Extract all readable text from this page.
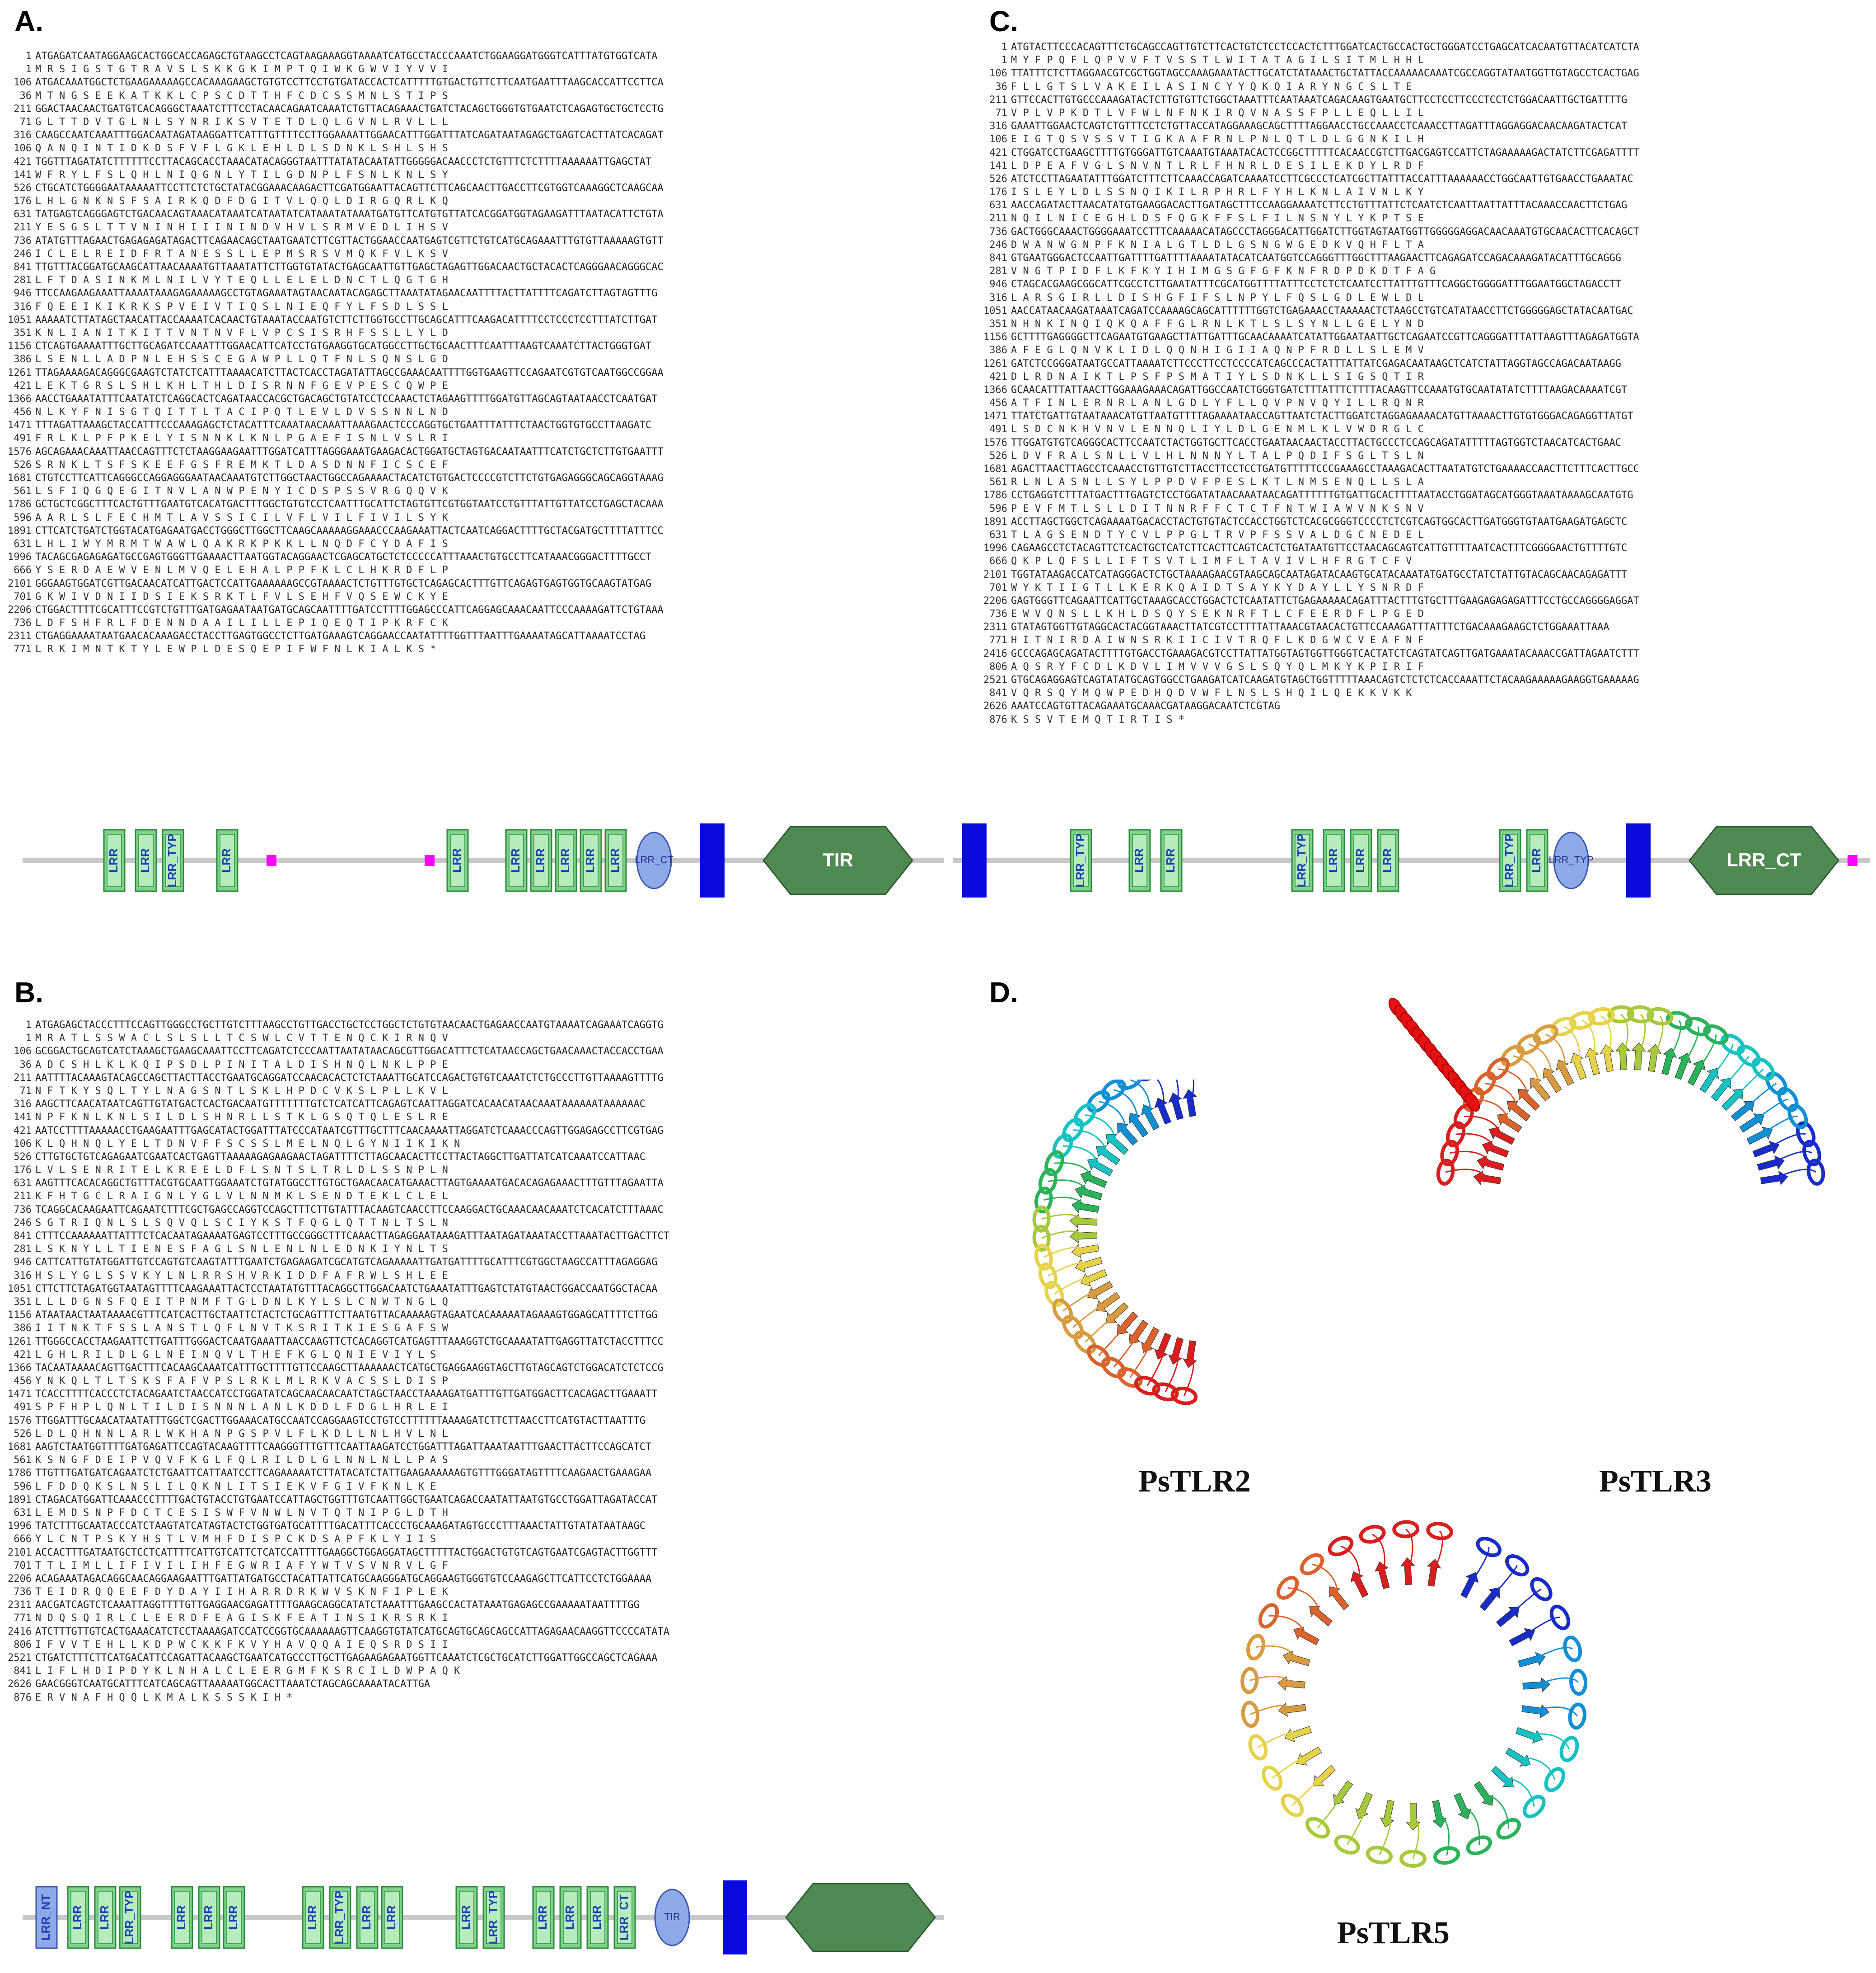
A.
1 ATGAGATCAATAGGAAGCACTGGCACCAGAGCTGTAAGCCTCAGTAAGAAAGGTAAAATCATGCCTACCCAAATCTGGAAGGATGGGTCATTTATGTGGTCATA
1 M R S I G S T G T R A V S L S K K G K I M P T Q I W K G W V I Y V V I
106 ATGACAAATGGCTCTGAAGAAAAAGCCACAAAGAAGCTGTGTCCTTCCTGTGATACCACTCATTTTTGTGACTGTTCTTCAATGAATTTAAGCACCATTCCTTCA
36 M T N G S E E K A T K K L C P S C D T T H F C D C S S M N L S T I P S
211 GGACTAACAACTGATGTCACAGGGCTAAATCTTTCCTACAACAGAATCAAATCTGTTACAGAAACTGATCTACAGCTGGGTGTGAATCTCAGAGTGCTGCTCCTG
71 G L T T D V T G L N L S Y N R I K S V T E T D L Q L G V N L R V L L L
316 CAAGCCAATCAAATTTGGACAATAGATAAGGATTCATTTGTTTTCCTTGGAAAATTGGAACATTTGGATTTATCAGATAATAGAGCTGAGTCACTTATCACAGAT
106 Q A N Q I N T I D K D S F V F L G K L E H L D L S D N K L S H L S H S
421 TGGTTTAGATATCTTTTTTCCTTACAGCACCTAAACATACAGGGTAATTTATATACAATATTGGGGGACAACCCTCTGTTTCTCTTTTAAAAAATTGAGCTAT
141 W F R Y L F S L Q H L N I Q G N L Y T I L G D N P L F S N L K N L S Y
526 CTGCATCTGGGGAATAAAAATTCCTTCTCTGCTATACGGAAACAAGACTTCGATGGAATTACAGTTCTTCAGCAACTTGACCTTCGTGGTCAAAGGCTCAAGCAA
176 L H L G N K N S F S A I R K Q D F D G I T V L Q Q L D I R G Q R L K Q
631 TATGAGTCAGGGAGTCTGACAACAGTAAACATAAATCATAATATCATAAATATAAATGATGTTCATGTGTTATCACGGATGGTAGAAGATTTAATACATTCTGTA
211 Y E S G S L T T V N I N H I I I N I N D V H V L S R M V E D L I H S V
736 ATATGTTTAGAACTGAGAGAGATAGACTTCAGAACAGCTAATGAATCTTCGTTACTGGAACCAATGAGTCGTTCTGTCATGCAGAAATTTGTGTTAAAAAGTGTT
246 I C L E L R E I D F R T A N E S S L L E P M S R S V M Q K F V L K S V
841 TTGTTTACGGATGCAAGCATTAACAAAATGTTAAATATTCTTGGTGTATACTGAGCAATTGTTGAGCTAGAGTTGGACAACTGCTACACTCAGGGAACAGGGCAC
281 L F T D A S I N K M L N I L V Y T E Q L L E L E L D N C T L Q G T G H
946 TTCCAAGAAGAAATTAAAATAAAGAGAAAAAGCCTGTAGAAATAGTAACAATACAGAGCTTAAATATAGAACAATTTTACTTATTTTCAGATCTTAGTAGTTTG
316 F Q E E I K I K R K S P V E I V T I Q S L N I E Q F Y L F S D L S S L
1051 AAAAATCTTATAGCTAACATTACCAAAATCACAACTGTAAATACCAATGTCTTCTTGGTGCCTTGCAGCATTTCAAGACATTTTCCTCCCTCCTTTATCTTGAT
351 K N L I A N I T K I T T V N T N V F L V P C S I S R H F S S L L Y L D
1156 CTCAGTGAAAATTTGCTTGCAGATCCAAATTTGGAACATTCATCCTGTGAAGGTGCATGGCCTTGCTGCAACTTTCAATTTAAGTCAAATCTTACTGGGTGAT
386 L S E N L L A D P N L E H S S C E G A W P L L Q T F N L S Q N S L G D
1261 TTAGAAAAGACAGGGCGAAGTCTATCTCATTTAAAACATCTTACTCACCTAGATATTAGCCGAAACAATTTTGGTGAAGTTCCAGAATCGTGTCAATGGCCGGAA
421 L E K T G R S L S H L K H L T H L D I S R N N F G E V P E S C Q W P E
1366 AACCTGAAATATTTCAATATCTCAGGCACTCAGATAACCACGCTGACAGCTGTATCCTCCAAACTCTAGAAGTTTTGGATGTTAGCAGTAATAACCTCAATGAT
456 N L K Y F N I S G T Q I T T L T A C I P Q T L E V L D V S S N N L N D
1471 TTTAGATTAAAGCTACCATTTCCCAAAGAGCTCTACATTTCAAATAACAAATTAAAGAACTCCCAGGTGCTGAATTTATTTCTAACTGGTGTGCCTTAAGATC
491 F R L K L P F P K E L Y I S N N K L K N L P G A E F I S N L V S L R I
1576 AGCAGAAACAAATTAACCAGTTTCTCTAAGGAAGAATTTGGATCATTTAGGGAAATGAAGACACTGGATGCTAGTGACAATAATTTCATCTGCTCTTGTGAATTT
526 S R N K L T S F S K E E F G S F R E M K T L D A S D N N F I C S C E F
1681 CTGTCCTTCATTCAGGGCCAGGAGGGAATAACAAATGTCTTGGCTAACTGGCCAGAAAACTACATCTGTGACTCCCCGTCTTCTGTGAGAGGGCAGCAGGTAAAG
561 L S F I Q G Q E G I T N V L A N W P E N Y I C D S P S S V R G Q Q V K
1786 GCTGCTCGGCTTTCACTGTTTGAATGTCACATGACTTTGGCTGTGTCCTCAATTTGCATTCTAGTGTTCGTGGTAATCCTGTTTATTGTTATCCTGAGCTACAAA
596 A A R L S L F E C H M T L A V S S I C I L V F L V I L F I V I L S Y K
1891 CTTCATCTGATCTGGTACATGAGAATGACCTGGGCTTGGCTTCAAGCAAAAAGGAAACCCAAGAAATTACTCAATCAGGACTTTTGCTACGATGCTTTTATTTCC
631 L H L I W Y M R M T W A W L Q A K R K P K K L L N Q D F C Y D A F I S
1996 TACAGCGAGAGAGATGCCGAGTGGGTTGAAAACTTAATGGTACAGGAACTCGAGCATGCTCTCCCCCATTTAAACTGTGCCTTCATAAACGGGACTTTTGCCT
666 Y S E R D A E W V E N L M V Q E L E H A L P P F K L C L H K R D F L P
2101 GGGAAGTGGATCGTTGACAACATCATTGACTCCATTGAAAAAAGCCGTAAAACTCTGTTTGTGCTCAGAGCACTTTGTTCAGAGTGAGTGGTGCAAGTATGAG
701 G K W I V D N I I D S I E K S R K T L F V L S E H F V Q S E W C K Y E
2206 CTGGACTTTTCGCATTTCCGTCTGTTTGATGAGAATAATGATGCAGCAATTTTGATCCTTTTGGAGCCCATTCAGGAGCAAACAATTCCCAAAAGATTCTGTAAA
736 L D F S H F R L F D E N N D A A I L I L L E P I Q E Q T I P K R F C K
2311 CTGAGGAAAATAATGAACACAAAGACCTACCTTGAGTGGCCTCTTGATGAAAGTCAGGAACCAATATTTTGGTTTAATTTGAAAATAGCATTAAAATCCTAG
771 L R K I M N T K T Y L E W P L D E S Q E P I F W F N L K I A L K S *
LRR LRR LRR_TYP	LRR	LRR	LRR LRR LRR LRR LRR LRR_CT	TIR
C.
1 ATGTACTTCCCACAGTTTCTGCAGCCAGTTGTCTTCACTGTCTCCTCCACTCTTTGGATCACTGCCACTGCTGGGATCCTGAGCATCACAATGTTACATCATCTA
1 M Y F P Q F L Q P V V F T V S S T L W I T A T A G I L S I T M L H H L
106 TTATTTCTCTTAGGAACGTCGCTGGTAGCCAAAGAAATACTTGCATCTATAAACTGCTATTACCAAAAACAAATCGCCAGGTATAATGGTTGTAGCCTCACTGAG
36 F L L G T S L V A K E I L A S I N C Y Y Q K Q I A R Y N G C S L T E
211 GTTCCACTTGTGCCCAAAGATACTCTTGTGTTCTGGCTAAATTTCAATAAATCAGACAAGTGAATGCTTCCTCCTTCCCTCCTCTGGACAATTGCTGATTTTG
71 V P L V P K D T L V F W L N F N K I R Q V N A S S F P L L E Q L L I L
316 GAAATTGGAACTCAGTCTGTTTCCTCTGTTACCATAGGAAAGCAGCTTTTAGGAACCTGCCAAACCTCAAACCTTAGATTTAGGAGGACAACAAGATACTCAT
106 E I G T Q S V S S V T I G K A A F R N L P N L Q T L D L G G N K I L H
421 CTGGATCCTGAAGCTTTTGTGGGATTGTCAAATGTAAATACACTCCGGCTTTTTCACAACCGTCTTGACGAGTCCATTCTAGAAAAAGACTATCTTCGAGATTTT
141 L D P E A F V G L S N V N T L R L F H N R L D E S I L E K D Y L R D F
526 ATCTCCTTAGAATATTTGGATCTTTCTTCAAACCAGATCAAAATCCTTCGCCCTCATCGCTTATTTACCATTTAAAAAACCTGGCAATTGTGAACCTGAAATAC
176 I S L E Y L D L S S N Q I K I L R P H R L F Y H L K N L A I V N L K Y
631 AACCAGATACTTAACATATGTGAAGGACACTTGATAGCTTTCCAAGGAAAATCTTCCTGTTTATTCTCAATCTCAATTAATTATTTACAAACCAACTTCTGAG
211 N Q I L N I C E G H L D S F Q G K F F S L F I L N S N Y L Y K P T S E
736 GACTGGGCAAACTGGGGAAATCCTTTCAAAAACATAGCCCTAGGGACATTGGATCTTGGTAGTAATGGTTGGGGGAGGACAACAAATGTGCAACACTTCACAGCT
246 D W A N W G N P F K N I A L G T L D L G S N G W G E D K V Q H F L T A
841 GTGAATGGGACTCCAATTGATTTTGATTTTAAAATATACATCAATGGTCCAGGGTTTGGCTTTAAGAACTTCAGAGATCCAGACAAAGATACATTTGCAGGG
281 V N G T P I D F L K F K Y I H I M G S G F G F K N F R D P D K D T F A G
946 CTAGCACGAAGCGGCATTCGCCTCTTGAATATTTCGCATGGTTTTATTTCCTCTCTCAATCCTTATTTGTTTCAGGCTGGGGATTTGGAATGGCTAGACCTT
316 L A R S G I R L L D I S H G F I F S L N P Y L F Q S L G D L E W L D L
1051 AACCATAACAAGATAAATCAGATCCAAAAGCAGCATTTTTTGGTCTGAGAAACCTAAAAACTCTAAGCCTGTCATATAACCTTCTGGGGGAGCTATACAATGAC
351 N H N K I N Q I Q K Q A F F G L R N L K T L S L S Y N L L G E L Y N D
1156 GCTTTTGAGGGGCTTCAGAATGTGAAGCTTATTGATTTGCAACAAAATCATATTGGAATAATTGCTCAGAATCCGTTCAGGGATTTATTAAGTTTAGAGATGGTA
386 A F E G L Q N V K L I D L Q Q N H I G I I A Q N P F R D L L S L E M V
1261 GATCTCCGGGATAATGCCATTAAAATCTTCCCTTCCTCCCCATCAGCCCACTATTTATTATCGAGACAATAAGCTCATCTATTAGGTAGCCAGACAATAAGG
421 D L R D N A I K T L P S F P S M A T I Y L S D N K L L S I G S Q T I R
1366 GCAACATTTATTAACTTGGAAAGAAACAGATTGGCCAATCTGGGTGATCTTTATTTCTTTTACAAGTTCCAAATGTGCAATATATCTTTTAAGACAAAATCGT
456 A T F I N L E R N R L A N L G D L Y F L L Q V P N V Q Y I L L R Q N R
1471 TTATCTGATTGTAATAAACATGTTAATGTTTTAGAAAATAACCAGTTAATCTACTTGGATCTAGGAGAAAACATGTTAAAACTTGTGTGGGACAGAGGTTATGT
491 L S D C N K H V N V L E N N Q L I Y L D L G E N M L K L V W D R G L C
1576 TTGGATGTGTCAGGGCACTTCCAATCTACTGGTGCTTCACCTGAATAACAACTACCTTACTGCCCTCCAGCAGATATTTTTAGTGGTCTAACATCACTGAAC
526 L D V F R A L S N L L V L H L N N N Y L T A L P Q D I F S G L T S L N
1681 AGACTTAACTTAGCCTCAAACCTGTTGTCTTACCTTCCTCCTGATGTTTTTCCCGAAAGCCTAAAGACACTTAATATGTCTGAAAACCAACTTCTTTCACTTGCC
561 R L N L A S N L L S Y L P P D V F P E S L K T L N M S E N Q L L S L A
1786 CCTGAGGTCTTTATGACTTTGAGTCTCCTGGATATAACAAATAACAGATTTTTTGTGATTGCACTTTTAATACCTGGATAGCATGGGTAAATAAAAGCAATGTG
596 P E V F M T L S L L D I T N N R F F C T C T F N T W I A W V N K S N V
1891 ACCTTAGCTGGCTCAGAAAATGACACCTACTGTGTACTCCACCTGGTCTCACGCGGGTCCCCTCTCGTCAGTGGCACTTGATGGGTGTAATGAAGATGAGCTC
631 T L A G S E N D T Y C V L P P G L T R V P F S S V A L D G C N E D E L
1996 CAGAAGCCTCTACAGTTCTCACTGCTCATCTTCACTTCAGTCACTCTGATAATGTTCCTAACAGCAGTCATTGTTTTAATCACTTTCGGGGAACTGTTTTGTC
666 Q K P L Q F S L L I F T S V T L I M F L T A V I V L H F R G T C F V
2101 TGGTATAAGACCATCATAGGGACTCTGCTAAAAGAACGTAAGCAGCAATAGATACAAGTGCATACAAATATGATGCCTATCTATTGTACAGCAACAGAGATTT
701 W Y K T I I G T L L K E R K Q A I D T S A Y K Y D A Y L L Y S N R D F
2206 GAGTGGGTTCAGAATTCATTGCTAAAGCACCTGGACTCTCAATATTCTGAGAAAAACAGATTTACTTTGTGCTTTGAAGAGAGAGATTTCCTGCCAGGGGAGGAT
736 E W V Q N S L L K H L D S Q Y S E K N R F T L C F E E R D F L P G E D
2311 GTATAGTGGTTGTAGGCACTACGGTAAACTTATCGTCCTTTTATTAAACGTAACACTGTTCCAAAGATTTATTTCTGACAAAGAAGCTCTGGAAATTAAA
771 H I T N I R D A I W N S R K I I C I V T R Q F L K D G W C V E A F N F
2416 GCCCAGAGCAGATACTTTTGTGACCTGAAAGACGTCCTTATTATGGTAGTGGTTGGGTCACTATCTCAGTATCAGTTGATGAAATACAAACCGATTAGAATCTTT
806 A Q S R Y F C D L K D V L I M V V V G S L S Q Y Q L M K Y K P I R I F
2521 GTGCAGAGGAGTCAGTATATGCAGTGGCCTGAAGATCATCAAGATGTAGCTGGTTTTTAAACAGTCTCTCTCACCAAATTCTACAAGAAAAAGAAGGTGAAAAAG
841 V Q R S Q Y M Q W P E D H Q D V W F L N S L S H Q I L Q E K K V K K
2626 AAATCCAGTGTTACAGAAATGCAAACGATAAGGACAATCTCGTAG
876 K S S V T E M Q T I R T I S *
LRR_TYP	LRR LRR	LRR_TYP LRR LRR LRR	LRR_TYP LRR LRR_TYP	LRR_CT
B.
1 ATGAGAGCTACCCTTTCCAGTTGGGCCTGCTTGTCTTTAAGCCTGTTGACCTGCTCCTGGCTCTGTGTAACAACTGAGAACCAATGTAAAATCAGAAATCAGGTG
1 M R A T L S S W A C L S L S L L T C S W L C V T T E N Q C K I R N Q V
106 GCGGACTGCAGTCATCTAAAGCTGAAGCAAATTCCTTCAGATCTCCCAATTAATATAACAGCGTTGGACATTTCTCATAACCAGCTGAACAAACTACCACCTGAA
36 A D C S H L K L K Q I P S D L P I N I T A L D I S H N Q L N K L P P E
211 AATTTTACAAAGTACAGCCAGCTTACTTACCTGAATGCAGGATCCAACACACTCTCTAAATTGCATCCAGACTGTGTCAAATCTCTGCCCTTGTTAAAAGTTTTG
71 N F T K Y S Q L T Y L N A G S N T L S K L H P D C V K S L P L L K V L
316 AAGCTTCAACATAATCAGTTGTATGACTCACTGACAATGTTTTTTTGTCTCATCATTCAGAGTCAATTAGGATCACAACATAACAAATAAAAAATAAAAAAC
141 N P F K N L K N L S I L D L S H N R L L S T K L G S Q T Q L E S L R E
421 AATCCTTTTAAAAACCTGAAGAATTTGAGCATACTGGATTTATCCCATAATCGTTTGCTTTCAACAAAATTAGGATCTCAAACCCAGTTGGAGAGCCTTCGTGAG
106 K L Q H N Q L Y E L T D N V F F S C S S L M E L N Q L G Y N I I K I K N
526 CTTGTGCTGTCAGAGAATCGAATCACTGAGTTAAAAAGAGAAGAACTAGATTTTCTTAGCAACACTTCCTTACTAGGCTTGATTATCATCAAATCCATTAAC
176 L V L S E N R I T E L K R E E L D F L S N T S L T R L D L S S N P L N
631 AAGTTTCACACAGGCTGTTTACGTGCAATTGGAAATCTGTATGGCCTTGTGCTGAACAACATGAAACTTAGTGAAAATGACACAGAGAAACTTTGTTTAGAATTA
211 K F H T G C L R A I G N L Y G L V L N N M K L S E N D T E K L C L E L
736 TCAGGCACAAGAATTCAGAATCTTTCGCTGAGCCAGGTCCAGCTTTCTTGTATTTACAAGTCAACCTTCCAAGGACTGCAAACAACAAATCTCACATCTTTAAAC
246 S G T R I Q N L S L S Q V Q L S C I Y K S T F Q G L Q T T N L T S L N
841 CTTTCCAAAAAATTATTTCTCACAATAGAAAATGAGTCCTTTGCCGGGCTTTCAAACTTAGAGGAATAAAGATTTAATAGATAAATACCTTAAATACTTGACTTCT
281 L S K N Y L L T I E N E S F A G L S N L E N L N L E D N K I Y N L T S
946 CATTCATTGTATGGATTGTCCAGTGTCAAGTATTTGAATCTGAGAAGATCGCATGTCAGAAAAATTGATGATTTTGCATTTCGTGGCTAAGCCATTTAGAGGAG
316 H S L Y G L S S V K Y L N L R R S H V R K I D D F A F R W L S H L E E
1051 CTTCTTCTAGATGGTAATAGTTTTCAAGAAATTACTCCTAATATGTTTACAGGCTTGGACAATCTGAAATATTTGAGTCTATGTAACTGGACCAATGGCTACAA
351 L L L D G N S F Q E I T P N M F T G L D N L K Y L S L C N W T N G L Q
1156 ATAATAACTAATAAAACGTTTCATCACTTGCTAATTCTACTCTGCAGTTTCTTAATGTTACAAAAAGTAGAATCACAAAAATAGAAAGTGGAGCATTTTCTTGG
386 I I T N K T F S S L A N S T L Q F L N V T K S R I T K I E S G A F S W
1261 TTGGGCCACCTAAGAATTCTTGATTTGGGACTCAATGAAATTAACCAAGTTCTCACAGGTCATGAGTTTAAAGGTCTGCAAAATATTGAGGTTATCTACCTTTCC
421 L G H L R I L D L G L N E I N Q V L T H E F K G L Q N I E V I Y L S
1366 TACAATAAAACAGTTGACTTTCACAAGCAAATCATTTGCTTTTGTTCCAAGCTTAAAAAACTCATGCTGAGGAAGGTAGCTTGTAGCAGTCTGGACATCTCTCCG
456 Y N K Q L T L T S K S F A F V P S L R K L M L R K V A C S S L D I S P
1471 TCACCTTTTCACCCTCTACAGAATCTAACCATCCTGGATATCAGCAACAACAATCTAGCTAACCTAAAAGATGATTTGTTGATGGACTTCACAGACTTGAAATT
491 S P F H P L Q N L T I L D I S N N N L A N L K D D L F D G L H R L E I
1576 TTGGATTTGCAACATAATATTTGGCTCGACTTGGAAACATGCCAATCCAGGAAGTCCTGTCCTTTTTTAAAAGATCTTCTTAACCTTCATGTACTTAATTTG
526 L D L Q H N N L A R L W K H A N P G S P V L F L K D L L N L H V L N L
1681 AAGTCTAATGGTTTTGATGAGATTCCAGTACAAGTTTTCAAGGGTTTGTTTCAATTAAGATCCTGGATTTAGATTAAATAATTTGAACTTACTTCCAGCATCT
561 K S N G F D E I P V Q V F K G L F Q L R I L D L G L N N L N L L P A S
1786 TTGTTTGATGATCAGAATCTCTGAATTCATTAATCCTTCAGAAAAATCTTATACATCTATTGAAGAAAAAAGTGTTTGGGATAGTTTTCAAGAACTGAAAGAA
596 L F D D Q K S L N S L I L Q K N L I T S I E K V F G I V F K N L K E
1891 CTAGACATGGATTCAAACCCTTTTGACTGTACCTGTGAATCCATTAGCTGGTTTGTCAATTGGCTGAATCAGACCAATATTAATGTGCCTGGATTAGATACCAT
631 L E M D S N P F D C T C E S I S W F V N W L N V T Q T N I P G L D T H
1996 TATCTTTGCAATACCCATCTAAGTATCATAGTACTCTGGTGATGCATTTTGACATTTCACCCTGCAAAGATAGTGCCCTTTAAACTATTGTATATAATAAGC
666 Y L C N T P S K Y H S T L V M H F D I S P C K D S A P F K L Y I I S
2101 ACCACTTTGATAATGCTCCTCATTTTCATTGTCATTCTCATCCATTTTGAAGGCTGGAGGATAGCTTTTTACTGGACTGTGTCAGTGAATCGAGTACTTGGTTT
701 T T L I M L L I F I V I L I H F E G W R I A F Y W T V S V N R V L G F
2206 ACAGAAATAGACAGGCAACAGGAAGAATTTGATTATGATGCCTACATTATTCATGCAAGGGATGCAGGAAGTGGGTGTCCAAGAGCTTCATTCCTCTGGAAAA
736 T E I D R Q Q E E F D Y D A Y I I H A R R D R K W V S K N F I P L E K
2311 AACGATCAGTCTCAAATTAGGTTTTGTTGAGGAACGAGATTTTGAAGCAGGCATATCTAAATTTGAAGCCACTATAAATGAGAGCCGAAAAATAATTTTGG
771 N D Q S Q I R L C L E E R D F E A G I S K F E A T I N S I K R S R K I
2416 ATCTTTGTTGTCACTGAAACATCTCCTAAAAGATCCATCCGGTGCAAAAAAGTTCAAGGTGTATCATGCAGTGCAGCAGCCATTAGAGAACAAGGTTCCCCATATA
806 I F V V T E H L L K D P W C K K F K V Y H A V Q Q A I E Q S R D S I I
2521 CTGATCTTTCTTCATGACATTCCAGATTACAAGCTGAATCATGCCCTTGCTTGAGAAGAGAATGGTTCAAATCTCGCTGCATCTTGGATTGGCCAGCTCAGAAA
841 L I F L H D I P D Y K L N H A L C L E E R G M F K S R C I L D W P A Q K
2626 GAACGGGTCAATGCATTTCATCAGCAGTTAAAAATGGCACTTAAATCTAGCAGCAAAATACATTGA
876 E R V N A F H Q Q L K M A L K S S S K I H *
LRR_NT LRR LRR LRR_TYP	LRR LRR LRR	LRR LRR_TYP LRR LRR	LRR LRR_TYP	LRR LRR LRR LRR_CT	TIR
D.
PsTLR2	PsTLR3
PsTLR5
